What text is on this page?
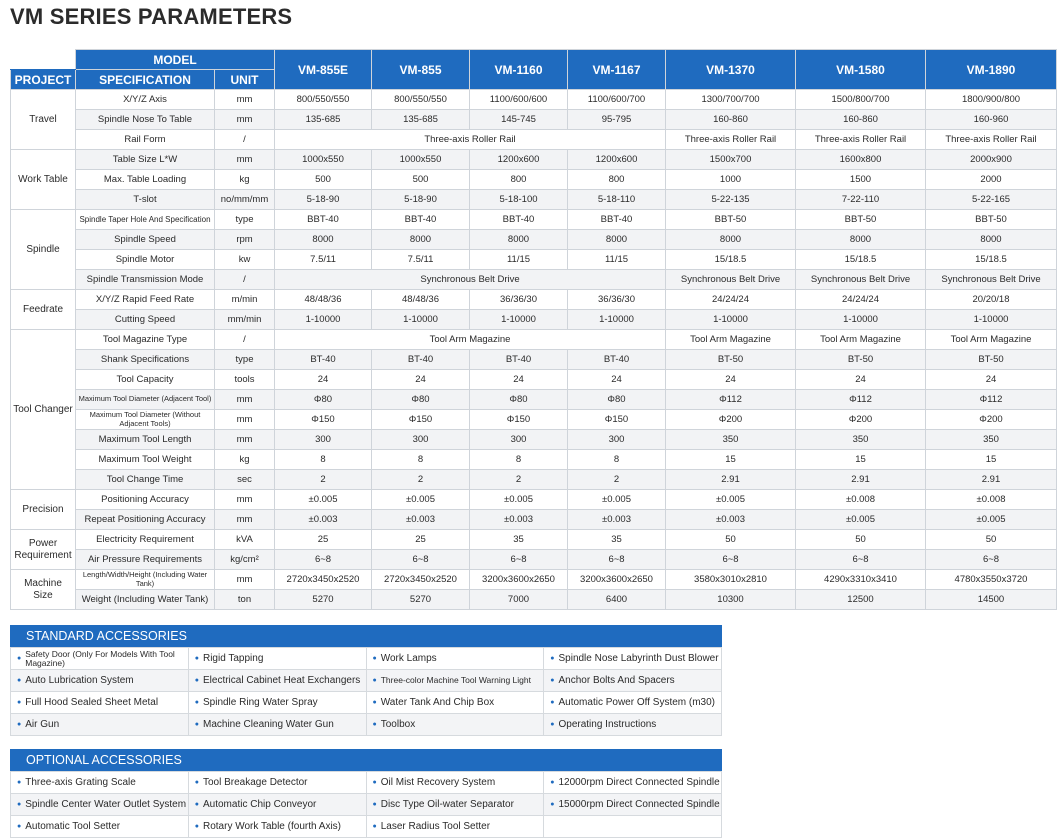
VM SERIES PARAMETERS
	MODEL		VM-855E	VM-855	VM-1160	VM-1167	VM-1370	VM-1580	VM-1890
PROJECT	SPECIFICATION	UNIT							
Travel	X/Y/Z Axis	mm	800/550/550	800/550/550	1100/600/600	1100/600/700	1300/700/700	1500/800/700	1800/900/800
	Spindle Nose To Table	mm	135-685	135-685	145-745	95-795	160-860	160-860	160-960
	Rail Form	/	Three-axis Roller Rail				Three-axis Roller Rail	Three-axis Roller Rail	Three-axis Roller Rail
Work Table	Table Size L*W	mm	1000x550	1000x550	1200x600	1200x600	1500x700	1600x800	2000x900
	Max. Table Loading	kg	500	500	800	800	1000	1500	2000
	T-slot	no/mm/mm	5-18-90	5-18-90	5-18-100	5-18-110	5-22-135	7-22-110	5-22-165
Spindle	Spindle Taper Hole And Specification	type	BBT-40	BBT-40	BBT-40	BBT-40	BBT-50	BBT-50	BBT-50
	Spindle Speed	rpm	8000	8000	8000	8000	8000	8000	8000
	Spindle Motor	kw	7.5/11	7.5/11	11/15	11/15	15/18.5	15/18.5	15/18.5
	Spindle Transmission Mode	/	Synchronous Belt Drive				Synchronous Belt Drive	Synchronous Belt Drive	Synchronous Belt Drive
Feedrate	X/Y/Z Rapid Feed Rate	m/min	48/48/36	48/48/36	36/36/30	36/36/30	24/24/24	24/24/24	20/20/18
	Cutting Speed	mm/min	1-10000	1-10000	1-10000	1-10000	1-10000	1-10000	1-10000
Tool Changer	Tool Magazine Type	/	Tool Arm Magazine				Tool Arm Magazine	Tool Arm Magazine	Tool Arm Magazine
	Shank Specifications	type	BT-40	BT-40	BT-40	BT-40	BT-50	BT-50	BT-50
	Tool Capacity	tools	24	24	24	24	24	24	24
	Maximum Tool Diameter (Adjacent Tool)	mm	Φ80	Φ80	Φ80	Φ80	Φ112	Φ112	Φ112
	Maximum Tool Diameter (Without Adjacent Tools)	mm	Φ150	Φ150	Φ150	Φ150	Φ200	Φ200	Φ200
	Maximum Tool Length	mm	300	300	300	300	350	350	350
	Maximum Tool Weight	kg	8	8	8	8	15	15	15
	Tool Change Time	sec	2	2	2	2	2.91	2.91	2.91
Precision	Positioning Accuracy	mm	±0.005	±0.005	±0.005	±0.005	±0.005	±0.008	±0.008
	Repeat Positioning Accuracy	mm	±0.003	±0.003	±0.003	±0.003	±0.003	±0.005	±0.005
Power Requirement	Electricity Requirement	kVA	25	25	35	35	50	50	50
	Air Pressure Requirements	kg/cm²	6~8	6~8	6~8	6~8	6~8	6~8	6~8
Machine Size	Length/Width/Height (Including Water Tank)	mm	2720x3450x2520	2720x3450x2520	3200x3600x2650	3200x3600x2650	3580x3010x2810	4290x3310x3410	4780x3550x3720
	Weight (Including Water Tank)	ton	5270	5270	7000	6400	10300	12500	14500
STANDARD ACCESSORIES
● Safety Door (Only For Models With Tool Magazine)	● Rigid Tapping	● Work Lamps	● Spindle Nose Labyrinth Dust Blower

● Auto Lubrication System	● Electrical Cabinet Heat Exchangers	● Three-color Machine Tool Warning Light	● Anchor Bolts And Spacers

● Full Hood Sealed Sheet Metal	● Spindle Ring Water Spray	● Water Tank And Chip Box	● Automatic Power Off System (m30)

● Air Gun	● Machine Cleaning Water Gun	● Toolbox	● Operating Instructions
OPTIONAL ACCESSORIES
● Three-axis Grating Scale	● Tool Breakage Detector	● Oil Mist Recovery System	● 12000rpm Direct Connected Spindle

● Spindle Center Water Outlet System	● Automatic Chip Conveyor	● Disc Type Oil-water Separator	● 15000rpm Direct Connected Spindle

● Automatic Tool Setter	● Rotary Work Table (fourth Axis)	● Laser Radius Tool Setter	
